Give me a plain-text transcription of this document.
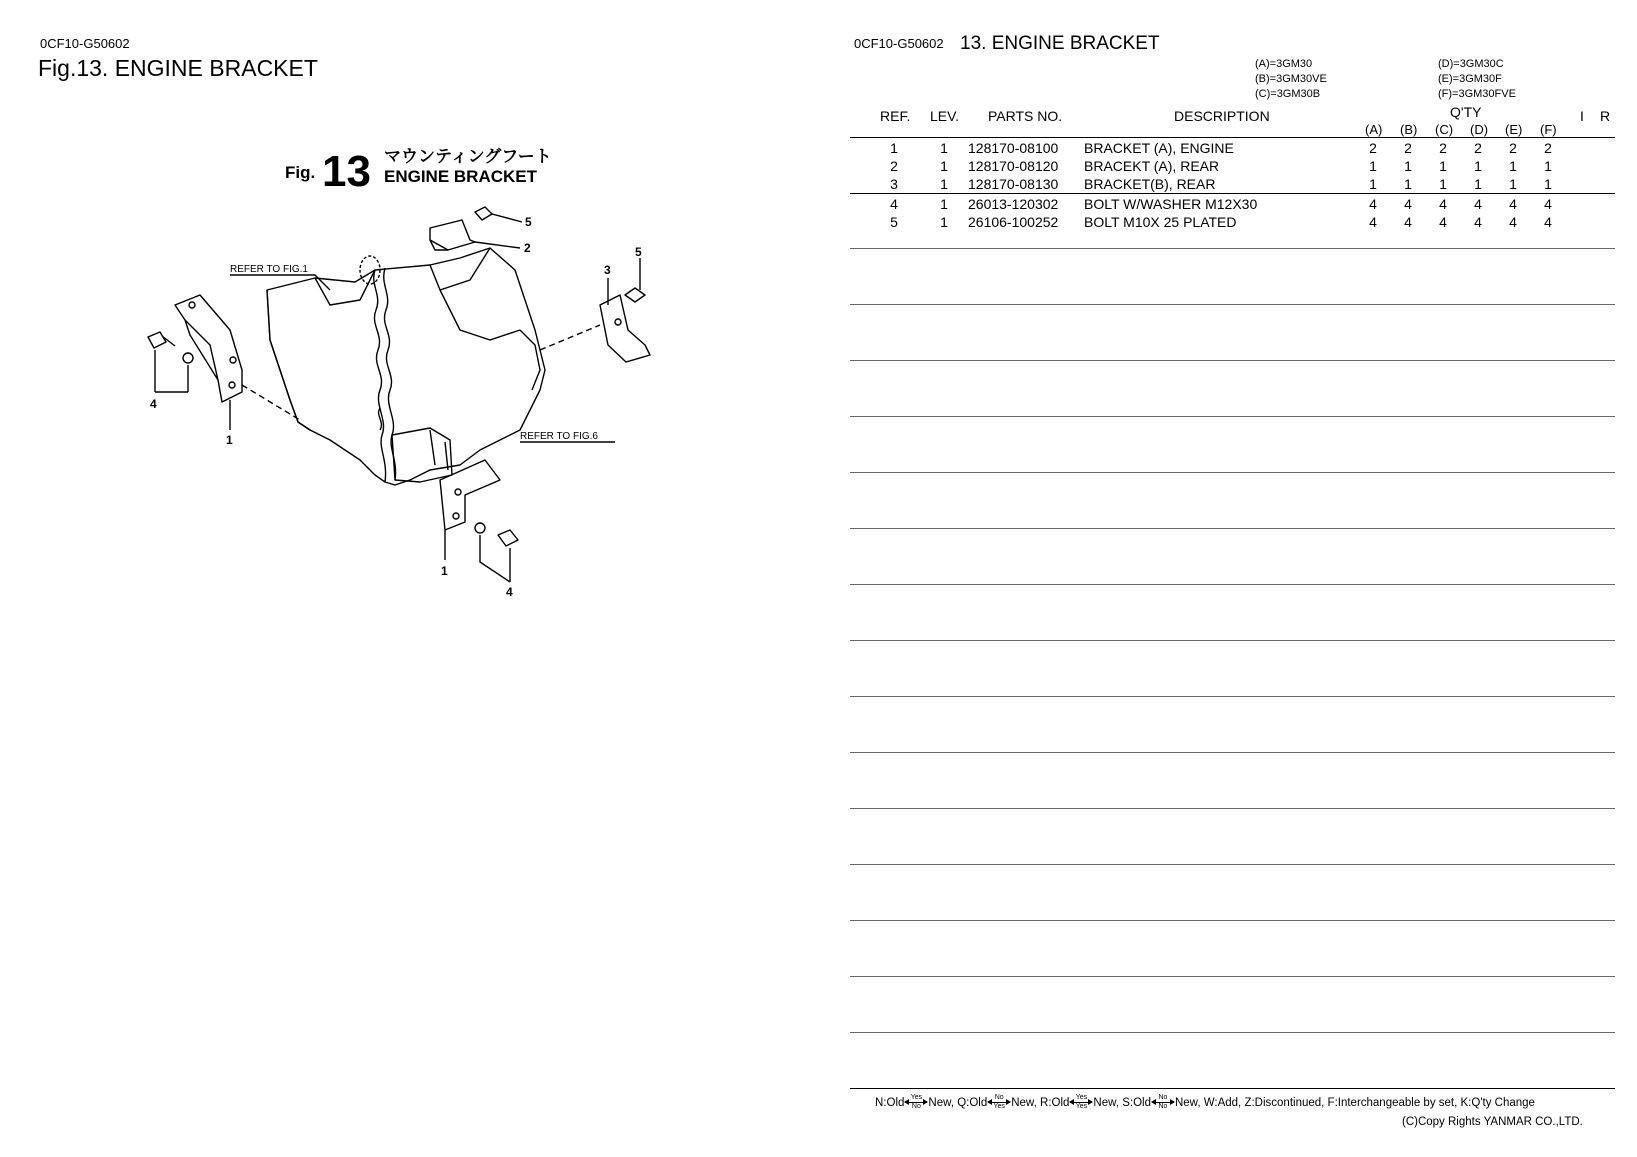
0CF10-G50602
Fig.13. ENGINE BRACKET
Fig. 13 マウンティングフート
ENGINE BRACKET
5
2	5
3
4
1
1
4
REFER TO FIG.1
REFER TO FIG.6
0CF10-G50602 13. ENGINE BRACKET
(A)=3GM30
(B)=3GM30VE
(C)=3GM30B
(D)=3GM30C
(E)=3GM30F
(F)=3GM30FVE
REF. LEV. PARTS NO.	DESCRIPTION	Q'TY	I R
(A) (B) (C) (D) (E) (F)
1	1 128170-08100 BRACKET (A), ENGINE	2 2 2 2 2 2
2	1 128170-08120 BRACEKT (A), REAR	1 1 1 1 1 1
3	1 128170-08130 BRACKET(B), REAR	1 1 1 1 1 1
4	1 26013-120302 BOLT W/WASHER M12X30	4 4 4 4 4 4
5	1 26106-100252 BOLT M10X 25 PLATED	4 4 4 4 4 4
N:Old Yes
No New,
Q:Old No
Yes New,
R:Old Yes
Yes New,
S:Old No
No New,
W:Add, Z:Discontinued, F:Interchangeable by set, K:Q'ty Change
(C)Copy Rights YANMAR CO.,LTD.
